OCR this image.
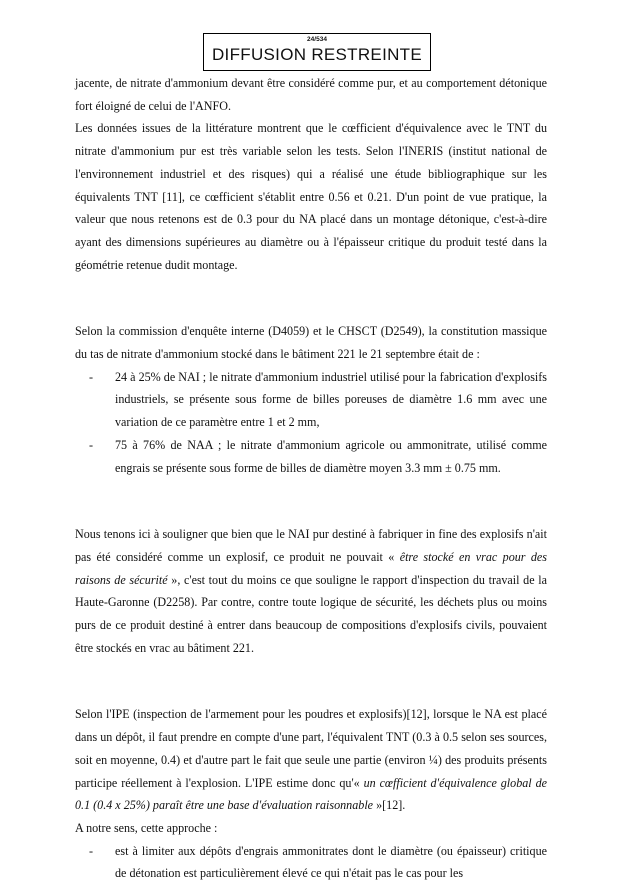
24/534
DIFFUSION RESTREINTE

jacente, de nitrate d'ammonium devant être considéré comme pur, et au comportement détonique fort éloigné de celui de l'ANFO.

Les données issues de la littérature montrent que le cœfficient d'équivalence avec le TNT du nitrate d'ammonium pur est très variable selon les tests. Selon l'INERIS (institut national de l'environnement industriel et des risques) qui a réalisé une étude bibliographique sur les équivalents TNT [11], ce cœfficient s'établit entre 0.56 et 0.21. D'un point de vue pratique, la valeur que nous retenons est de 0.3 pour du NA placé dans un montage détonique, c'est-à-dire ayant des dimensions supérieures au diamètre ou à l'épaisseur critique du produit testé dans la géométrie retenue dudit montage.

Selon la commission d'enquête interne (D4059) et le CHSCT (D2549), la constitution massique du tas de nitrate d'ammonium stocké dans le bâtiment 221 le 21 septembre était de :

- 24 à 25% de NAI ; le nitrate d'ammonium industriel utilisé pour la fabrication d'explosifs industriels, se présente sous forme de billes poreuses de diamètre 1.6 mm avec une variation de ce paramètre entre 1 et 2 mm,
- 75 à 76% de NAA ; le nitrate d'ammonium agricole ou ammonitrate, utilisé comme engrais se présente sous forme de billes de diamètre moyen 3.3 mm ± 0.75 mm.

Nous tenons ici à souligner que bien que le NAI pur destiné à fabriquer in fine des explosifs n'ait pas été considéré comme un explosif, ce produit ne pouvait « être stocké en vrac pour des raisons de sécurité », c'est tout du moins ce que souligne le rapport d'inspection du travail de la Haute-Garonne (D2258). Par contre, contre toute logique de sécurité, les déchets plus ou moins purs de ce produit destiné à entrer dans beaucoup de compositions d'explosifs civils, pouvaient être stockés en vrac au bâtiment 221.

Selon l'IPE (inspection de l'armement pour les poudres et explosifs)[12], lorsque le NA est placé dans un dépôt, il faut prendre en compte d'une part, l'équivalent TNT (0.3 à 0.5 selon ses sources, soit en moyenne, 0.4) et d'autre part le fait que seule une partie (environ ¼) des produits présents participe réellement à l'explosion. L'IPE estime donc qu'« un cœfficient d'équivalence global de 0.1 (0.4 x 25%) paraît être une base d'évaluation raisonnable »[12].

A notre sens, cette approche :

- est à limiter aux dépôts d'engrais ammonitrates dont le diamètre (ou épaisseur) critique de détonation est particulièrement élevé ce qui n'était pas le cas pour les
